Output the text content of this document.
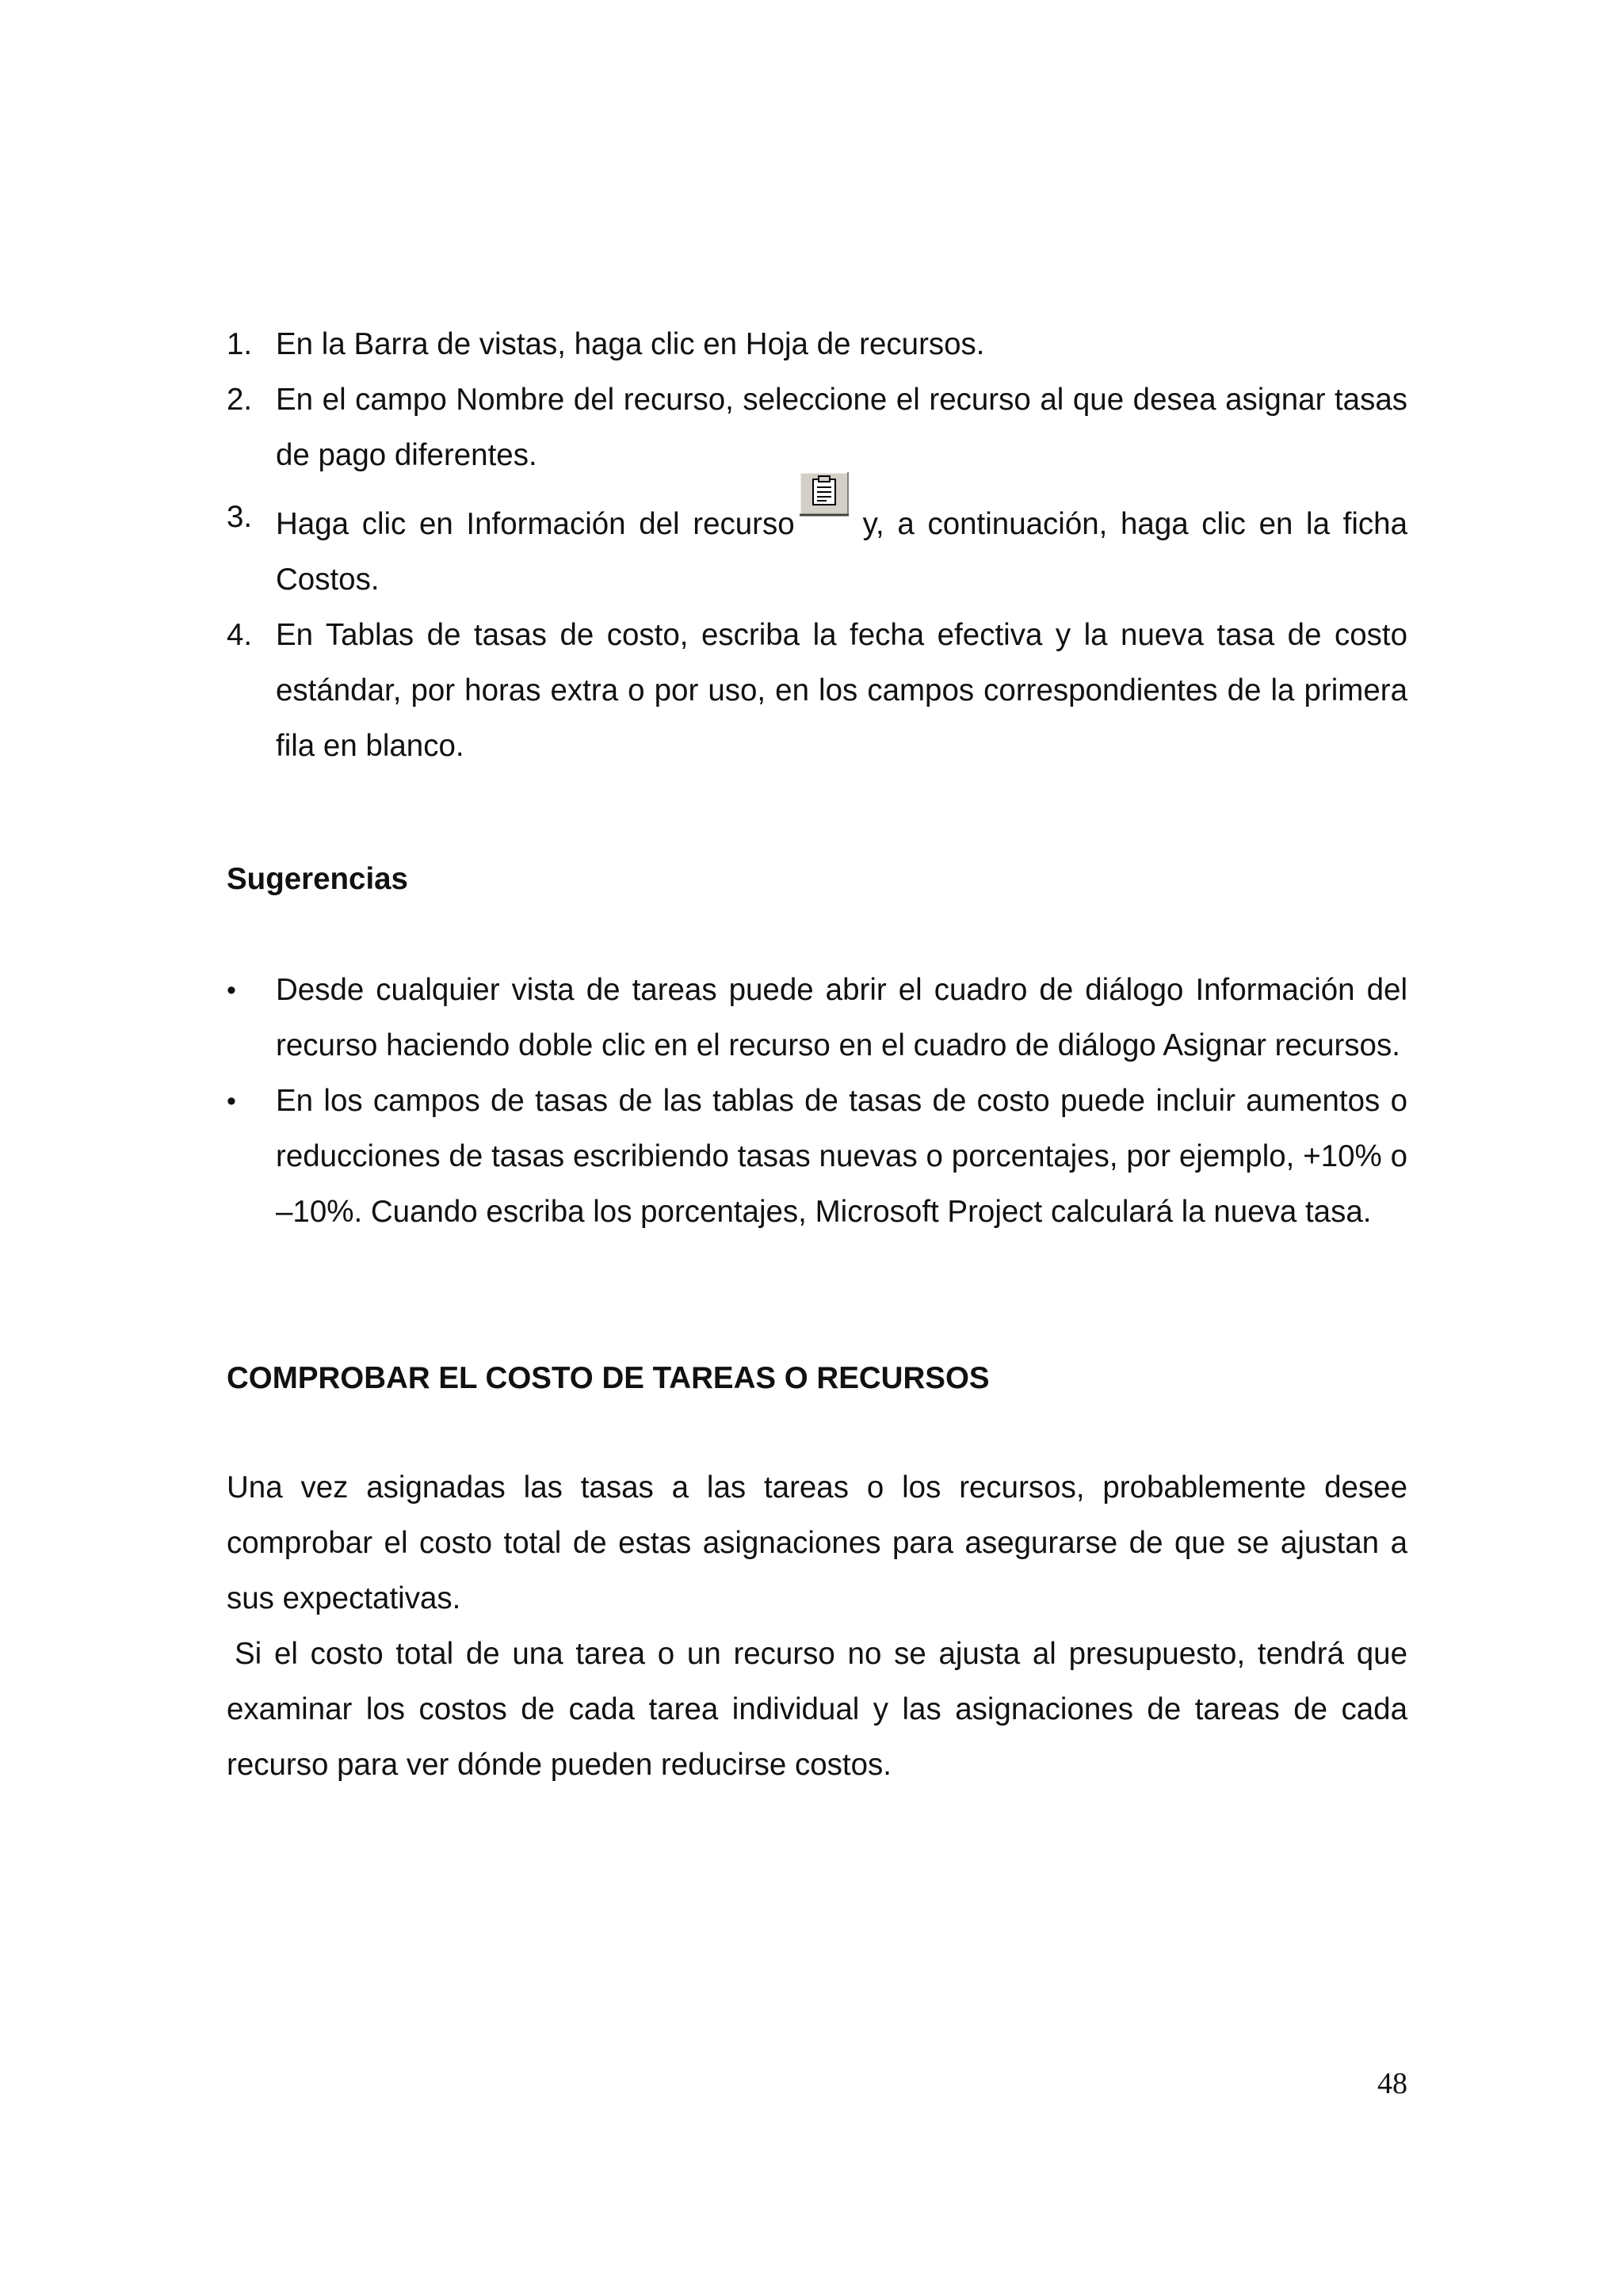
1. En la Barra de vistas, haga clic en Hoja de recursos.
2. En el campo Nombre del recurso, seleccione el recurso al que desea asignar tasas de pago diferentes.
3. Haga clic en Información del recurso y, a continuación, haga clic en la ficha Costos.
4. En Tablas de tasas de costo, escriba la fecha efectiva y la nueva tasa de costo estándar, por horas extra o por uso, en los campos correspondientes de la primera fila en blanco.
Sugerencias
• Desde cualquier vista de tareas puede abrir el cuadro de diálogo Información del recurso haciendo doble clic en el recurso en el cuadro de diálogo Asignar recursos.
• En los campos de tasas de las tablas de tasas de costo puede incluir aumentos o reducciones de tasas escribiendo tasas nuevas o porcentajes, por ejemplo, +10% o –10%. Cuando escriba los porcentajes, Microsoft Project calculará la nueva tasa.
COMPROBAR EL COSTO DE TAREAS O RECURSOS

Una vez asignadas las tasas a las tareas o los recursos, probablemente desee comprobar el costo total de estas asignaciones para asegurarse de que se ajustan a sus expectativas.

Si el costo total de una tarea o un recurso no se ajusta al presupuesto, tendrá que examinar los costos de cada tarea individual y las asignaciones de tareas de cada recurso para ver dónde pueden reducirse costos.

48
